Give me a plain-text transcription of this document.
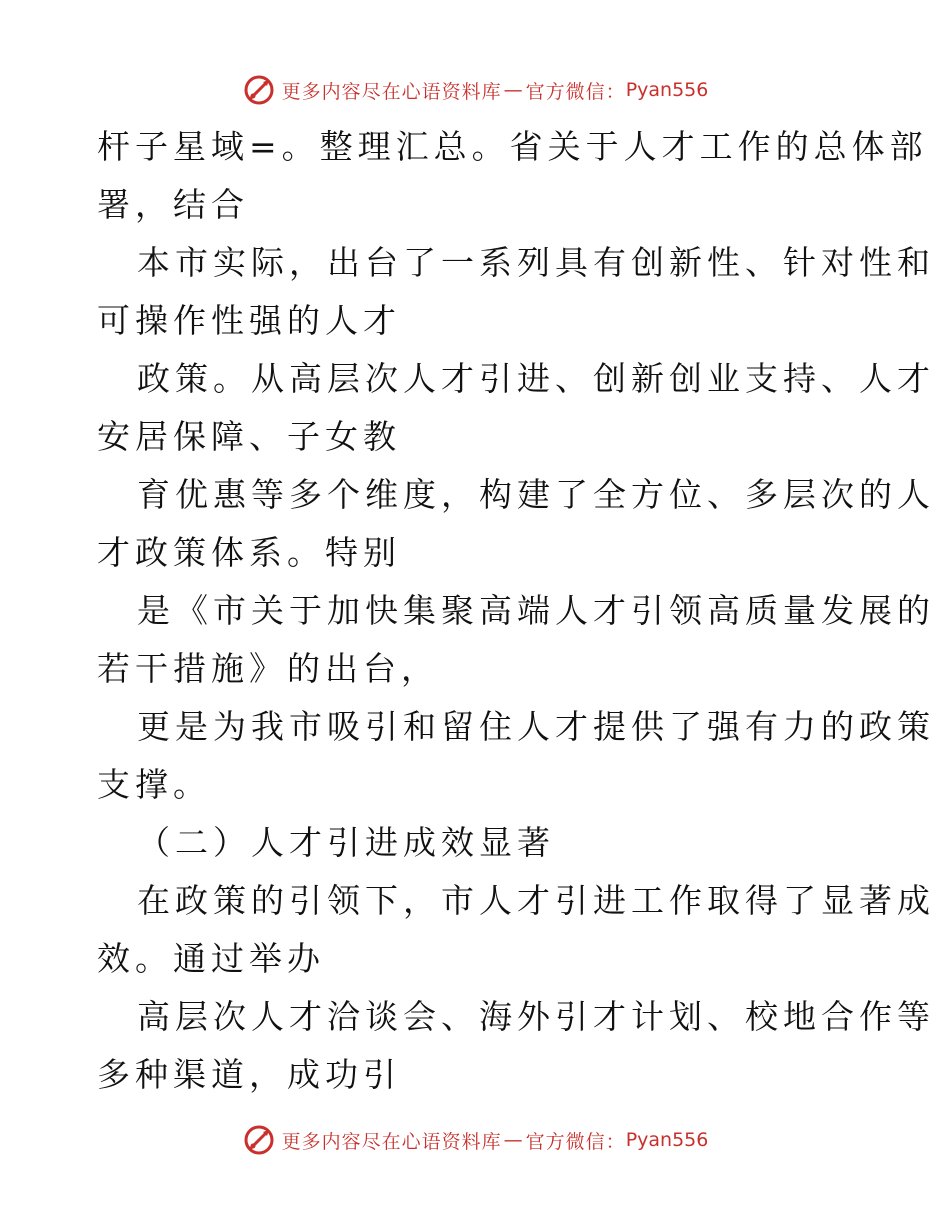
更多内容尽在心语资料库 — 官方微信： Pyan556
杆子星域=。整理汇总。省关于人才工作的总体部
署，结合
本市实际，出台了一系列具有创新性、针对性和
可操作性强的人才
政策。从高层次人才引进、创新创业支持、人才
安居保障、子女教
育优惠等多个维度，构建了全方位、多层次的人
才政策体系。特别
是《市关于加快集聚高端人才引领高质量发展的
若干措施》的出台，
更是为我市吸引和留住人才提供了强有力的政策
支撑。
（二）人才引进成效显著
在政策的引领下，市人才引进工作取得了显著成
效。通过举办
高层次人才洽谈会、海外引才计划、校地合作等
多种渠道，成功引
更多内容尽在心语资料库 — 官方微信： Pyan556
